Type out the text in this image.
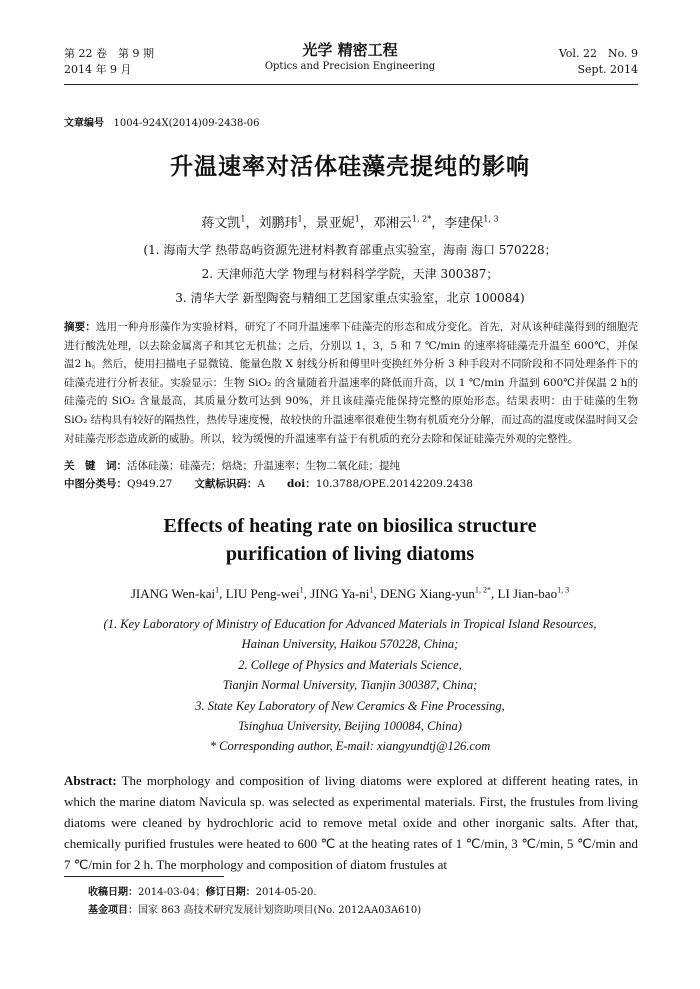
第 22 卷　第 9 期
2014 年 9 月
光学 精密工程
Optics and Precision Engineering
Vol. 22　No. 9
Sept. 2014
文章编号 1004-924X(2014)09-2438-06
升温速率对活体硅藻壳提纯的影响
蒋文凯$^1$，刘鹏玮$^1$，景亚妮$^1$，邓湘云$^{1, 2*}$，李建保$^{1, 3}$
(1. 海南大学 热带岛屿资源先进材料教育部重点实验室，海南 海口 570228；
2. 天津师范大学 物理与材料科学学院，天津 300387；
3. 清华大学 新型陶瓷与精细工艺国家重点实验室，北京 100084)
摘要：选用一种舟形藻作为实验材料，研究了不同升温速率下硅藻壳的形态和成分变化。首先，对从该种硅藻得到的细胞壳进行酸洗处理，以去除金属离子和其它无机盐；之后，分别以 1，3，5 和 7 ℃/min 的速率将硅藻壳升温至 600℃，并保温2 h。然后，使用扫描电子显微镜、能量色散 X 射线分析和傅里叶变换红外分析 3 种手段对不同阶段和不同处理条件下的硅藻壳进行分析表征。实验显示：生物 SiO₂ 的含量随着升温速率的降低而升高，以 1 ℃/min 升温到 600℃并保温 2 h的硅藻壳的 SiO₂ 含量最高，其质量分数可达到 90%，并且该硅藻壳能保持完整的原始形态。结果表明：由于硅藻的生物 SiO₂ 结构具有较好的隔热性，热传导速度慢，故较快的升温速率很难使生物有机质充分分解，而过高的温度或保温时间又会对硅藻壳形态造成新的威胁。所以，较为缓慢的升温速率有益于有机质的充分去除和保证硅藻壳外观的完整性。
关　键　词：活体硅藻；硅藻壳；焙烧；升温速率；生物二氧化硅；提纯
中图分类号：Q949.27 文献标识码：A doi：10.3788/OPE.20142209.2438
Effects of heating rate on biosilica structure
purification of living diatoms
JIANG Wen-kai$^1$, LIU Peng-wei$^1$, JING $Ya-ni^1$, DENG Xiang-yun$^{1, 2*}$, LI Jian-bao$^{1, 3}$
(1. Key Laboratory of Ministry of Education for Advanced Materials in Tropical Island Resources,
Hainan University, Haikou 570228, China;
2. College of Physics and Materials Science,
Tianjin Normal University, Tianjin 300387, China;
3. State Key Laboratory of New Ceramics & Fine Processing,
Tsinghua University, Beijing 100084, China)
* Corresponding author, E-mail: xiangyundtj@126.com
Abstract: The morphology and composition of living diatoms were explored at different heating rates, in which the marine diatom Navicula sp. was selected as experimental materials. First, the frustules from living diatoms were cleaned by hydrochloric acid to remove metal oxide and other inorganic salts. After that, chemically purified frustules were heated to 600 ℃ at the heating rates of 1 ℃/min, 3 ℃/min, 5 ℃/min and 7 ℃/min for 2 h. The morphology and composition of diatom frustules at
收稿日期：2014-03-04；修订日期：2014-05-20.
基金项目：国家 863 高技术研究发展计划资助项目(No. 2012AA03A610)
